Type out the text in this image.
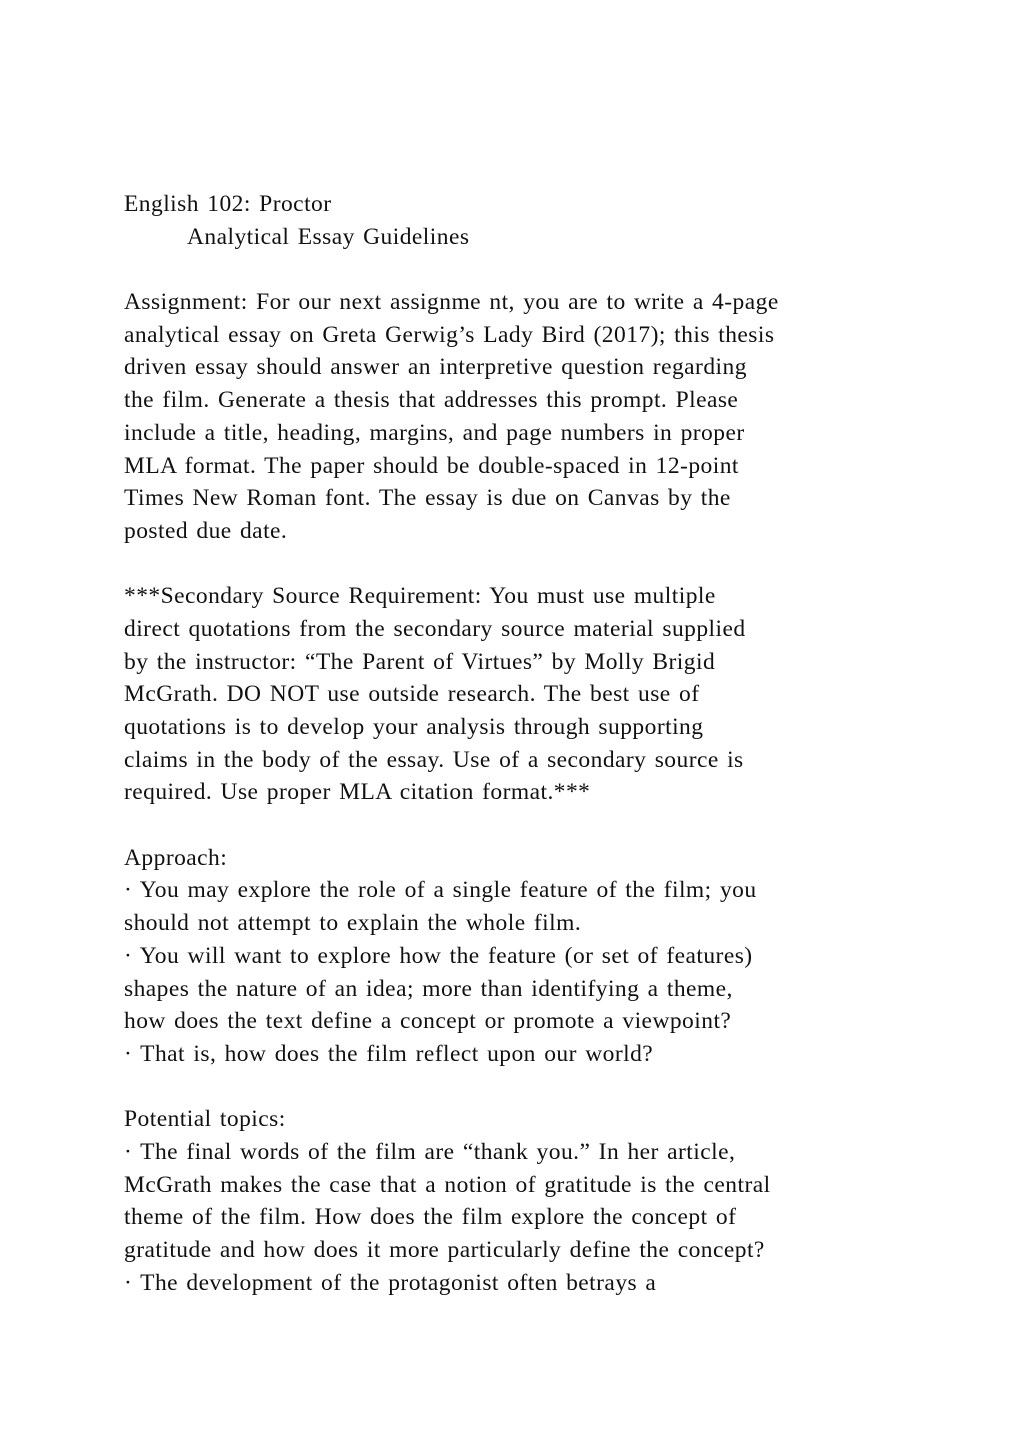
English 102: Proctor
Analytical Essay Guidelines
Assignment: For our next assignme nt, you are to write a 4-page
analytical essay on Greta Gerwig’s Lady Bird (2017); this thesis
driven essay should answer an interpretive question regarding
the film. Generate a thesis that addresses this prompt. Please
include a title, heading, margins, and page numbers in proper
MLA format. The paper should be double-spaced in 12-point
Times New Roman font. The essay is due on Canvas by the
posted due date.
***Secondary Source Requirement: You must use multiple
direct quotations from the secondary source material supplied
by the instructor: “The Parent of Virtues” by Molly Brigid
McGrath. DO NOT use outside research. The best use of
quotations is to develop your analysis through supporting
claims in the body of the essay. Use of a secondary source is
required. Use proper MLA citation format.***
Approach:
· You may explore the role of a single feature of the film; you
should not attempt to explain the whole film.
· You will want to explore how the feature (or set of features)
shapes the nature of an idea; more than identifying a theme,
how does the text define a concept or promote a viewpoint?
· That is, how does the film reflect upon our world?
Potential topics:
· The final words of the film are “thank you.” In her article,
McGrath makes the case that a notion of gratitude is the central
theme of the film. How does the film explore the concept of
gratitude and how does it more particularly define the concept?
· The development of the protagonist often betrays a
